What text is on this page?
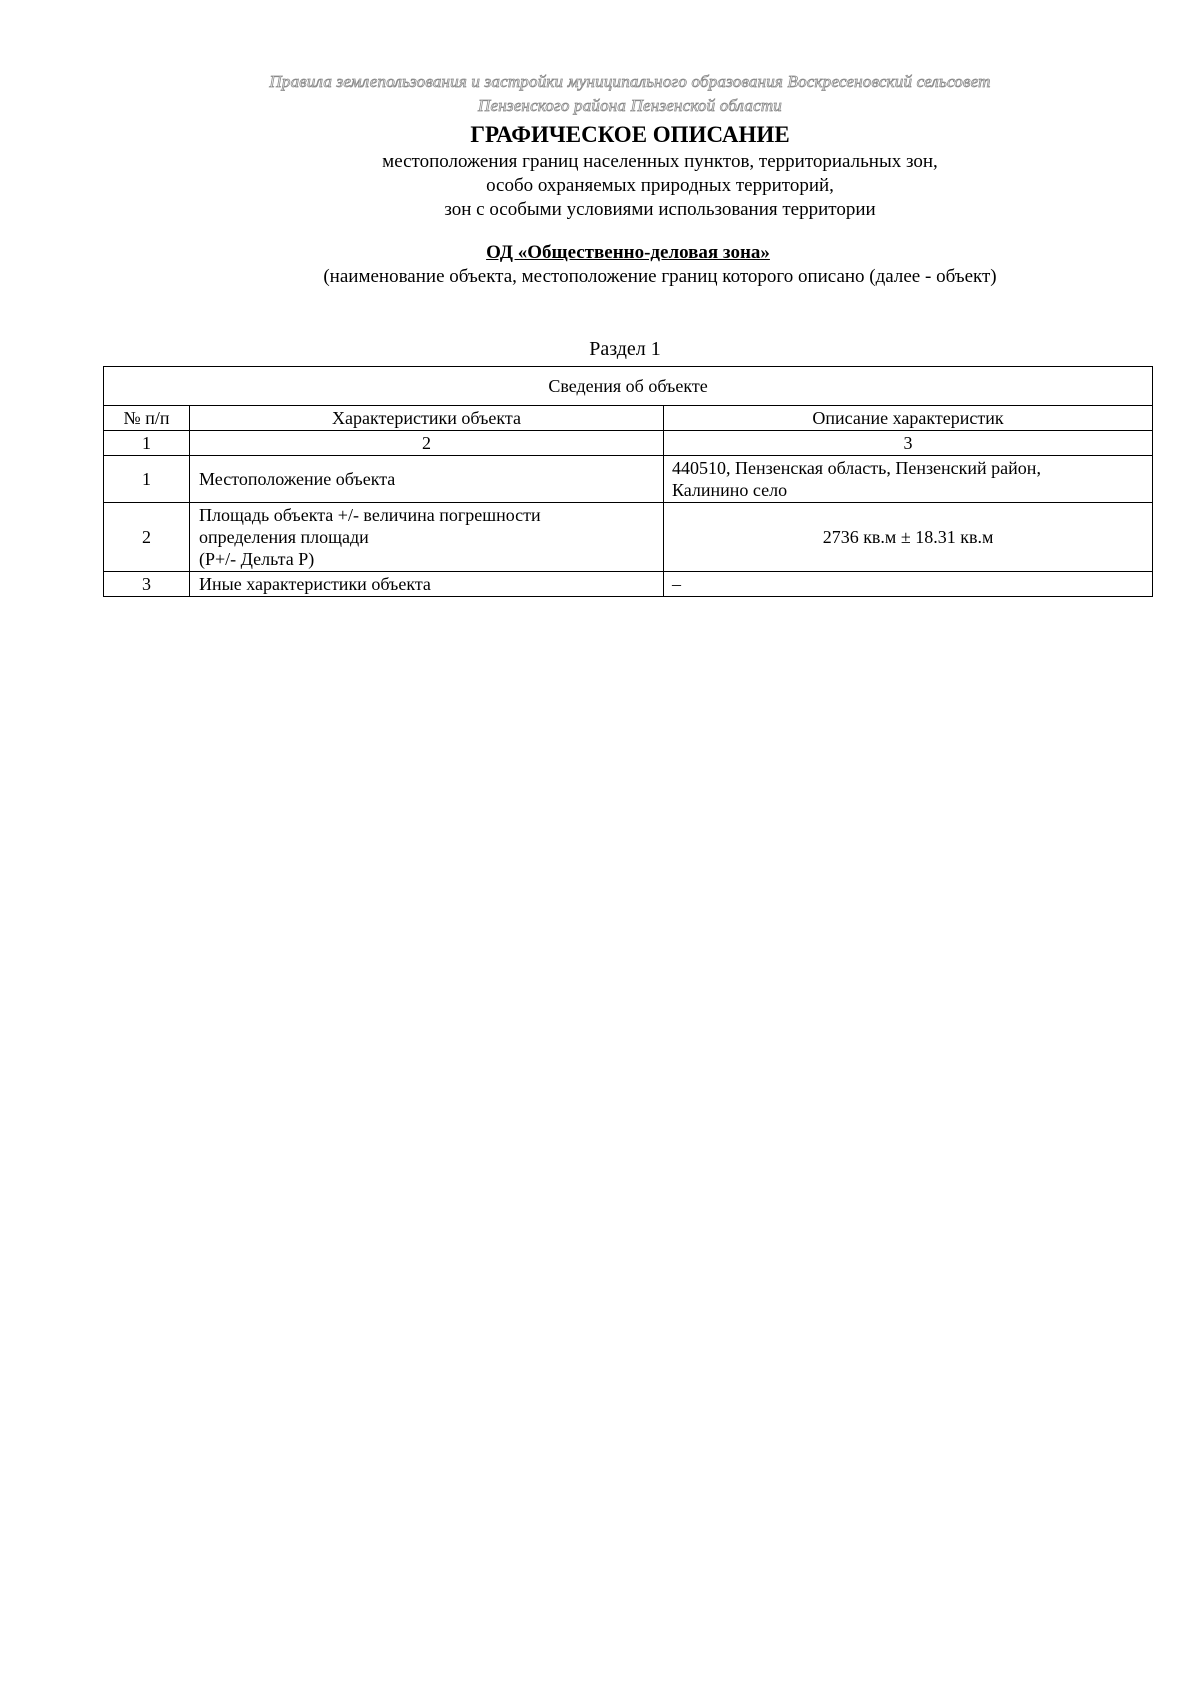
Правила землепользования и застройки муниципального образования Воскресеновский сельсовет
Пензенского района Пензенской области
ГРАФИЧЕСКОЕ ОПИСАНИЕ
местоположения границ населенных пунктов, территориальных зон,
особо охраняемых природных территорий,
зон с особыми условиями использования территории
ОД «Общественно-деловая зона»
(наименование объекта, местоположение границ которого описано (далее - объект)
Раздел 1
Сведения об объекте		
№ п/п	Характеристики объекта	Описание характеристик
1	2	3
1	Местоположение объекта	440510, Пензенская область, Пензенский район,
Калинино село

2	Площадь объекта +/- величина погрешности
определения площади
(P+/- Дельта P)	2736 кв.м ± 18.31 кв.м

3	Иные характеристики объекта	–
